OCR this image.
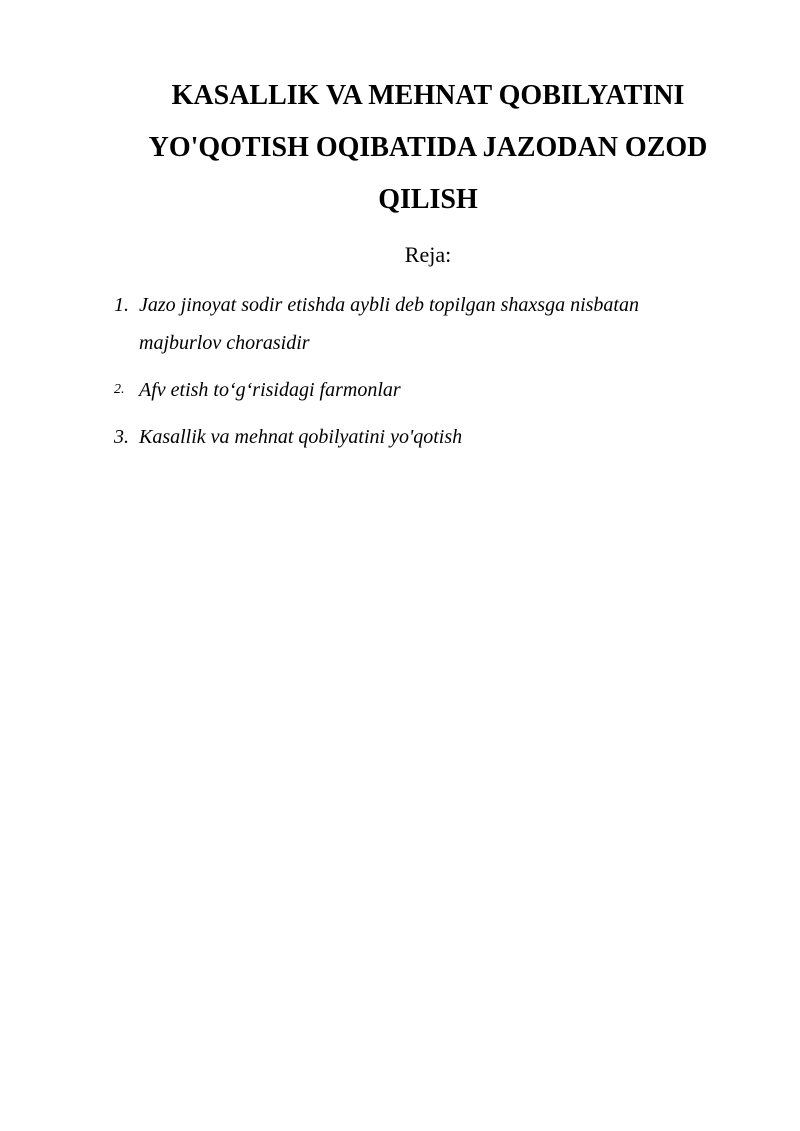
KASALLIK VA MEHNAT QOBILYATINI
YO'QOTISH OQIBATIDA JAZODAN OZOD
QILISH
Reja:
1. Jazo jinoyat sodir etishda aybli deb topilgan shaxsga nisbatan majburlov chorasidir
2. Afv etish to‘g‘risidagi farmonlar
3. Kasallik va mehnat qobilyatini yo'qotish
